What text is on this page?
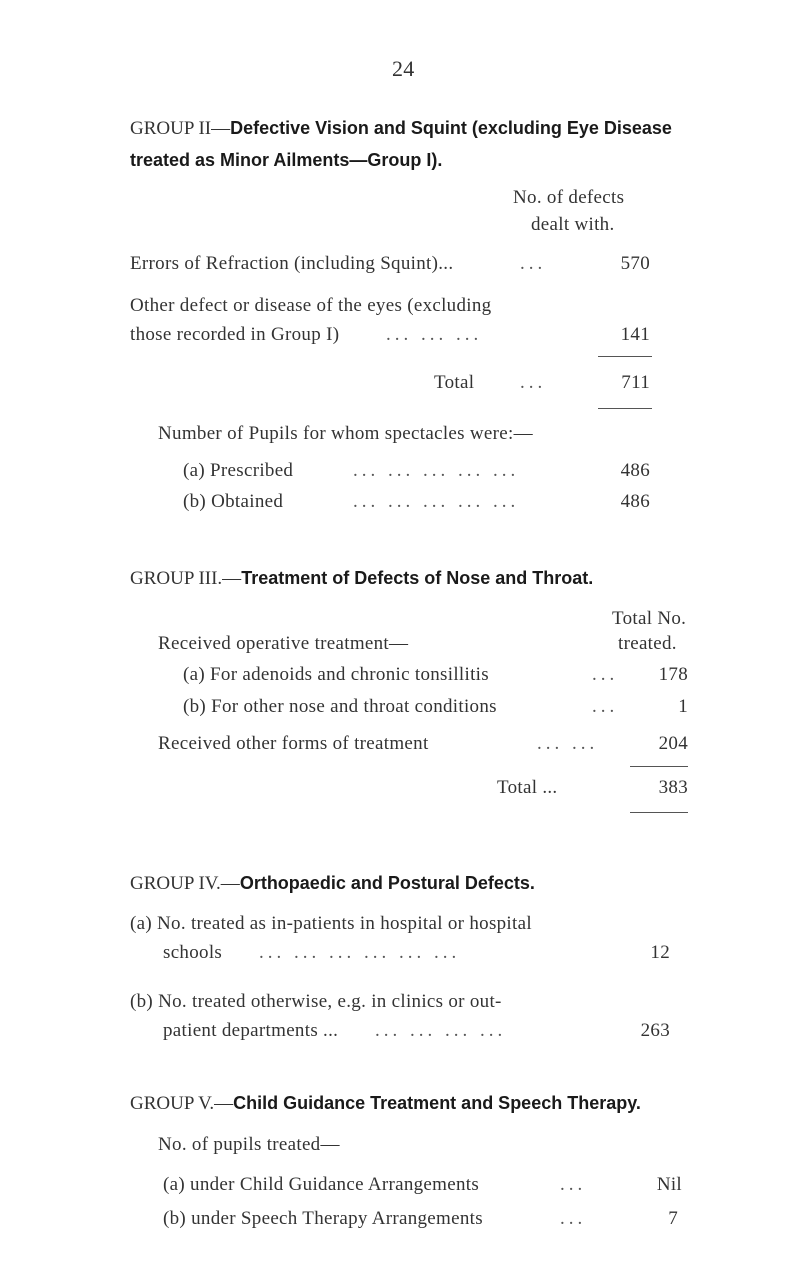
24
GROUP II—Defective Vision and Squint (excluding Eye Disease
treated as Minor Ailments—Group I).
No. of defects
dealt with.
Errors of Refraction (including Squint)...	...	570
Other defect or disease of the eyes (excluding
those recorded in Group I) ... ... ...	141
Total ...	711
Number of Pupils for whom spectacles were:—
(a) Prescribed	... ... ... ... ...	486
(b) Obtained	... ... ... ... ...	486
GROUP III.—Treatment of Defects of Nose and Throat.
Total No.
treated.
Received operative treatment—
(a) For adenoids and chronic tonsillitis	...	178
(b) For other nose and throat conditions	...	1
Received other forms of treatment	... ...	204
Total ...	383
GROUP IV.—Orthopaedic and Postural Defects.
(a) No. treated as in-patients in hospital or hospital
schools ... ... ... ... ... ...	12
(b) No. treated otherwise, e.g. in clinics or out-
patient departments ... ... ... ... ...	263
GROUP V.—Child Guidance Treatment and Speech Therapy.
No. of pupils treated—
(a) under Child Guidance Arrangements	...	Nil
(b) under Speech Therapy Arrangements	...	7
